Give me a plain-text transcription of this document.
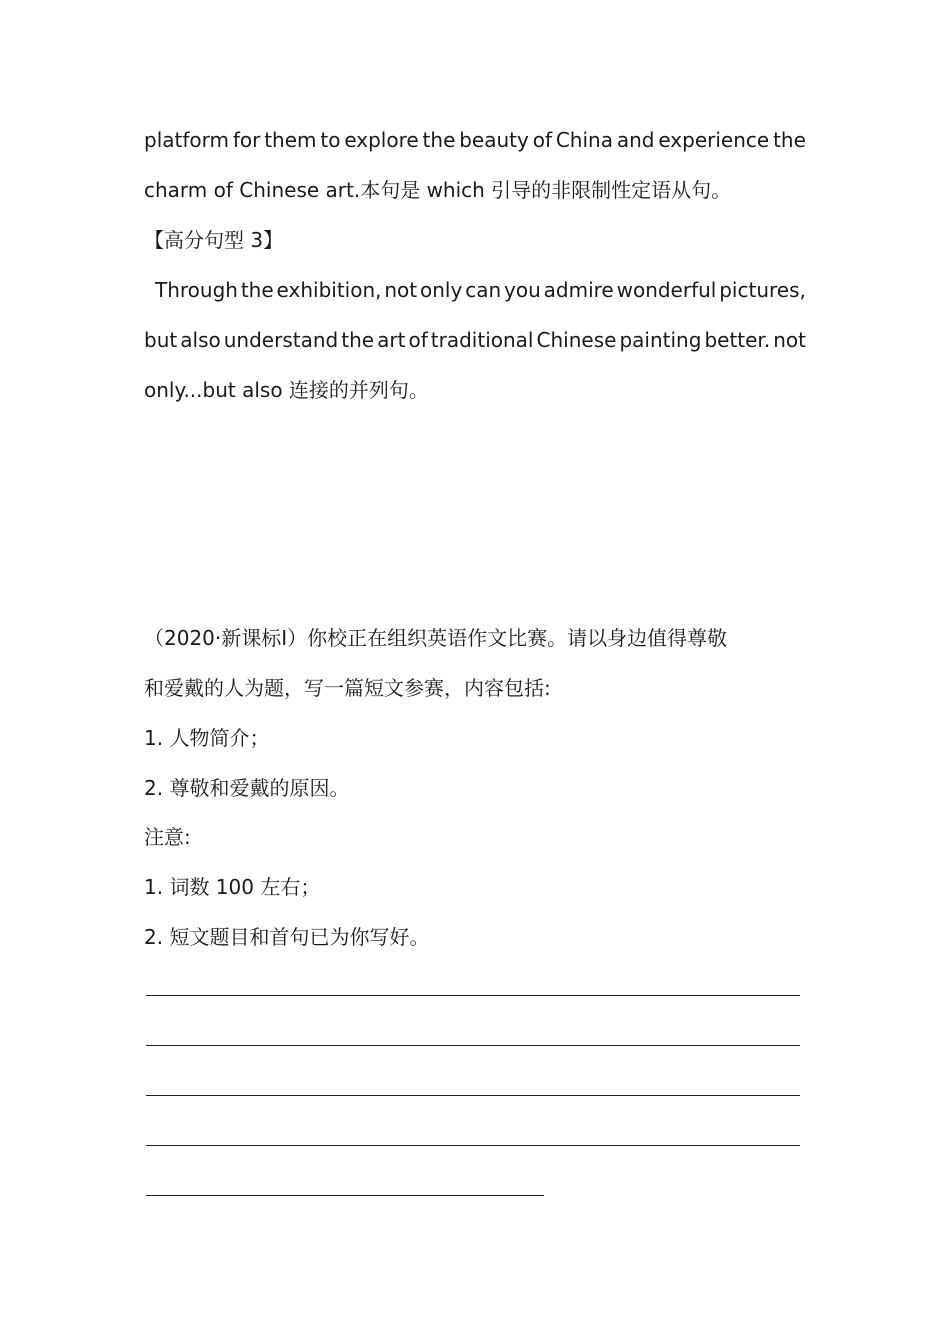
platform for them to explore the beauty of China and experience the
charm of Chinese art.本句是 which 引导的非限制性定语从句。
【高分句型 3】
Through the exhibition, not only can you admire wonderful pictures,
but also understand the art of traditional Chinese painting better. not
only...but also 连接的并列句。
（2020·新课标Ⅰ）你校正在组织英语作文比赛。请以身边值得尊敬
和爱戴的人为题，写一篇短文参赛，内容包括:
1. 人物简介；
2. 尊敬和爱戴的原因。
注意:
1. 词数 100 左右；
2. 短文题目和首句已为你写好。
